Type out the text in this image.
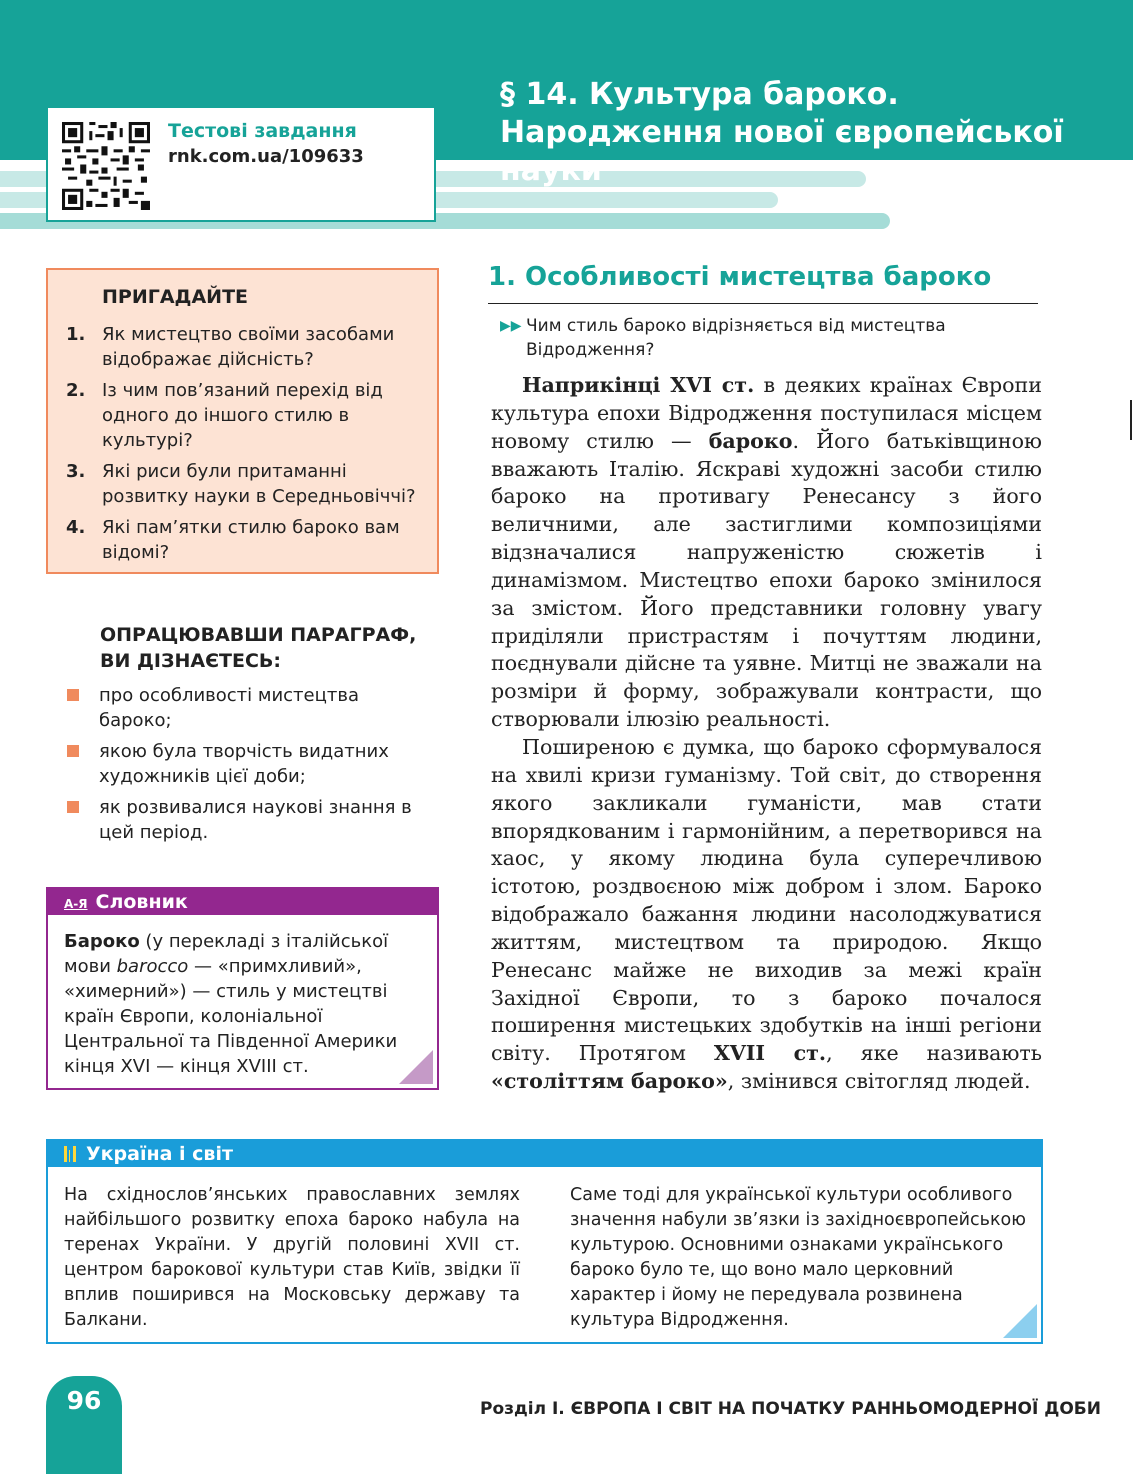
Тестові завдання
rnk.com.ua/109633
§ 14. Культура бароко. Народження нової європейської науки
ПРИГАДАЙТЕ
1. Як мистецтво своїми засобами відображає дійсність?
2. Із чим пов’язаний перехід від одного до іншого стилю в культурі?
3. Які риси були притаманні розвитку науки в Середньовіччі?
4. Які пам’ятки стилю бароко вам відомі?
ОПРАЦЮВАВШИ ПАРАГРАФ, ВИ ДІЗНАЄТЕСЬ:
про особливості мистецтва бароко;
якою була творчість видатних художників цієї доби;
як розвивалися наукові знання в цей період.
А-Я Словник
Бароко (у перекладі з італійської мови barocco — «примхливий», «химерний») — стиль у мистецтві країн Європи, колоніальної Центральної та Південної Америки кінця XVI — кінця XVIII ст.
1. Особливості мистецтва бароко
▶▶ Чим стиль бароко відрізняється від мистецтва Відродження?

Наприкінці XVI ст. в деяких країнах Європи культура епохи Відродження поступилася місцем новому стилю — бароко. Його батьківщиною вважають Італію. Яскраві художні засоби стилю бароко на противагу Ренесансу з його величними, але застиглими композиціями відзначалися напруженістю сюжетів і динамізмом. Мистецтво епохи бароко змінилося за змістом. Його представники головну увагу приділяли пристрастям і почуттям людини, поєднували дійсне та уявне. Митці не зважали на розміри й форму, зображували контрасти, що створювали ілюзію реальності.

Поширеною є думка, що бароко сформувалося на хвилі кризи гуманізму. Той світ, до створення якого закликали гуманісти, мав стати впорядкованим і гармонійним, а перетворився на хаос, у якому людина була суперечливою істотою, роздвоєною між добром і злом. Бароко відображало бажання людини насолоджуватися життям, мистецтвом та природою. Якщо Ренесанс майже не виходив за межі країн Західної Європи, то з бароко почалося поширення мистецьких здобутків на інші регіони світу. Протягом XVII ст., яке називають «століттям бароко», змінився світогляд людей.

Україна і світ
На східнослов’янських православних землях найбільшого розвитку епоха бароко набула на теренах України. У другій половині XVII ст. центром барокової культури став Київ, звідки її вплив поширився на Московську державу та Балкани.
Саме тоді для української культури особливого значення набули зв’язки із західноєвропейською культурою. Основними ознаками українського бароко було те, що воно мало церковний характер і йому не передувала розвинена культура Відродження.
96	Розділ І. ЄВРОПА І СВІТ НА ПОЧАТКУ РАННЬОМОДЕРНОЇ ДОБИ
